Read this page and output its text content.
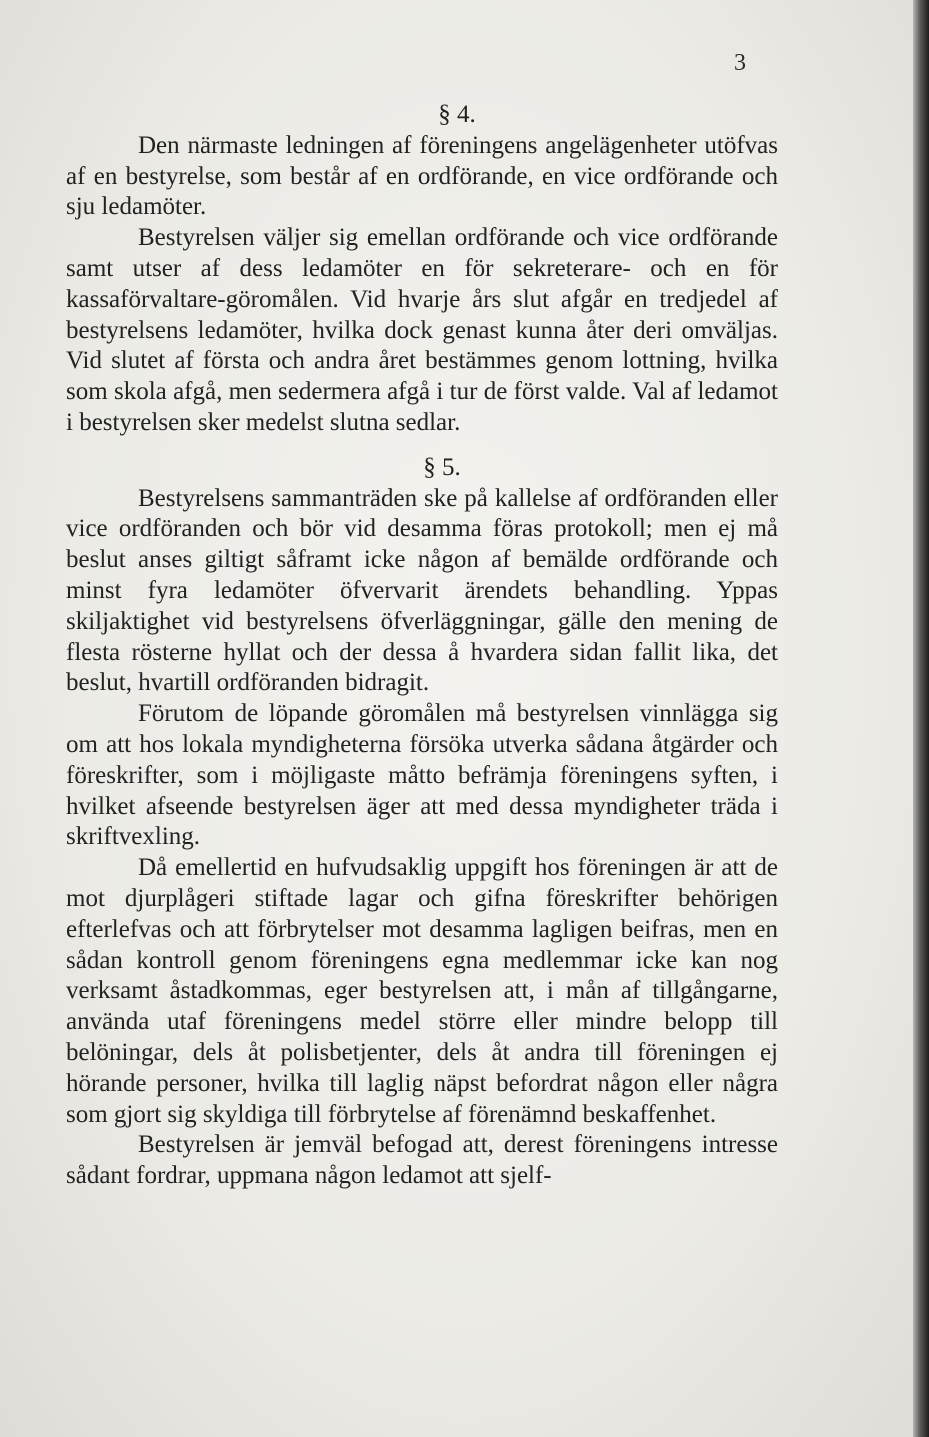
3
§ 4.

Den närmaste ledningen af föreningens angelägenheter utöfvas af en bestyrelse, som består af en ordförande, en vice ordförande och sju ledamöter.

Bestyrelsen väljer sig emellan ordförande och vice ordförande samt utser af dess ledamöter en för sekreterare- och en för kassaförvaltare-göromålen. Vid hvarje års slut afgår en tredjedel af bestyrelsens ledamöter, hvilka dock genast kunna åter deri omväljas. Vid slutet af första och andra året bestämmes genom lottning, hvilka som skola afgå, men sedermera afgå i tur de först valde. Val af ledamot i bestyrelsen sker medelst slutna sedlar.

§ 5.

Bestyrelsens sammanträden ske på kallelse af ordföranden eller vice ordföranden och bör vid desamma föras protokoll; men ej må beslut anses giltigt såframt icke någon af bemälde ordförande och minst fyra ledamöter öfvervarit ärendets behandling. Yppas skiljaktighet vid bestyrelsens öfverläggningar, gälle den mening de flesta rösterne hyllat och der dessa å hvardera sidan fallit lika, det beslut, hvartill ordföranden bidragit.

Förutom de löpande göromålen må bestyrelsen vinnlägga sig om att hos lokala myndigheterna försöka utverka sådana åtgärder och föreskrifter, som i möjligaste måtto befrämja föreningens syften, i hvilket afseende bestyrelsen äger att med dessa myndigheter träda i skriftvexling.

Då emellertid en hufvudsaklig uppgift hos föreningen är att de mot djurplågeri stiftade lagar och gifna föreskrifter behörigen efterlefvas och att förbrytelser mot desamma lagligen beifras, men en sådan kontroll genom föreningens egna medlemmar icke kan nog verksamt åstadkommas, eger bestyrelsen att, i mån af tillgångarne, använda utaf föreningens medel större eller mindre belopp till belöningar, dels åt polisbetjenter, dels åt andra till föreningen ej hörande personer, hvilka till laglig näpst befordrat någon eller några som gjort sig skyldiga till förbrytelse af förenämnd beskaffenhet.

Bestyrelsen är jemväl befogad att, derest föreningens intresse sådant fordrar, uppmana någon ledamot att sjelf-
